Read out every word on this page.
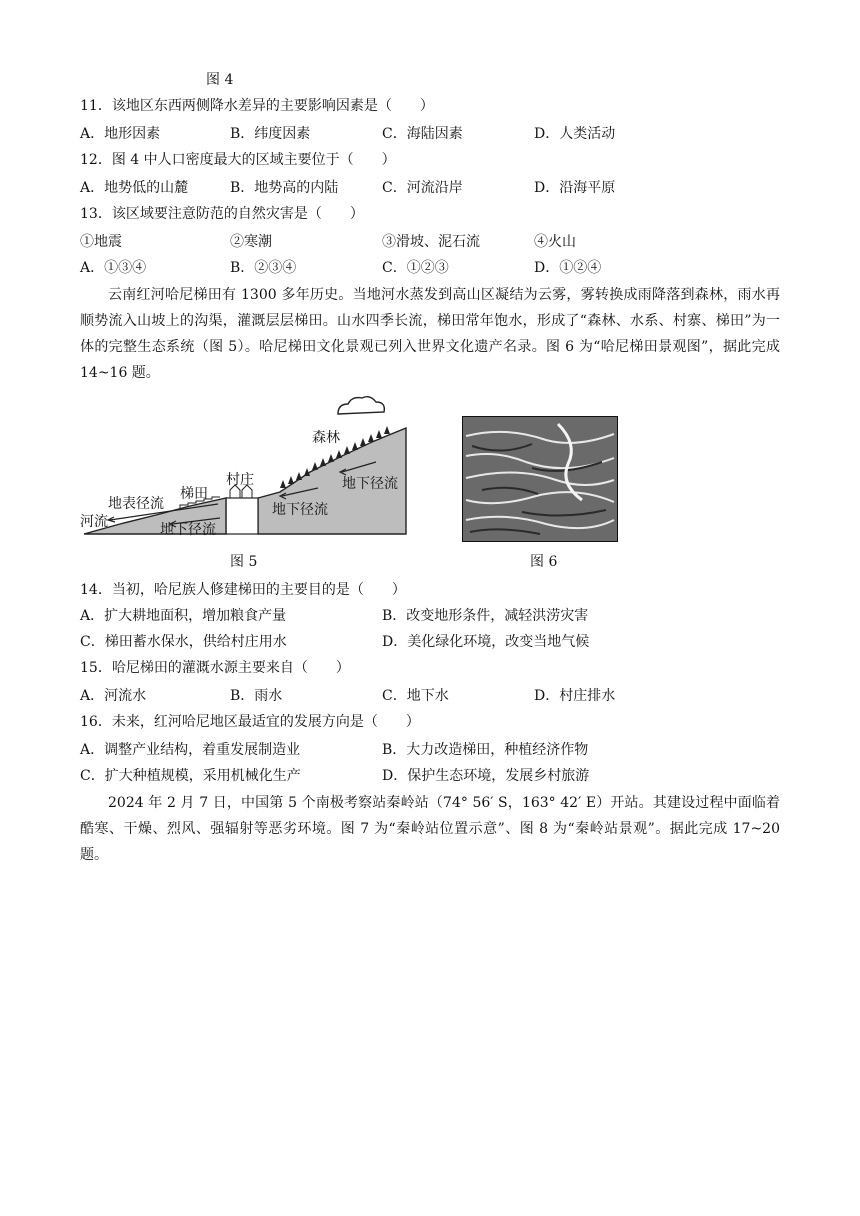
图 4
11．该地区东西两侧降水差异的主要影响因素是（　　）
A．地形因素	B．纬度因素	C．海陆因素	D．人类活动
12．图 4 中人口密度最大的区域主要位于（　　）
A．地势低的山麓	B．地势高的内陆	C．河流沿岸	D．沿海平原
13．该区域要注意防范的自然灾害是（　　）
①地震	②寒潮	③滑坡、泥石流	④火山
A．①③④	B．②③④	C．①②③	D．①②④
云南红河哈尼梯田有 1300 多年历史。当地河水蒸发到高山区凝结为云雾，雾转换成雨降落到森林，雨水再顺势流入山坡上的沟渠，灌溉层层梯田。山水四季长流，梯田常年饱水，形成了“森林、水系、村寨、梯田”为一体的完整生态系统（图 5）。哈尼梯田文化景观已列入世界文化遗产名录。图 6 为“哈尼梯田景观图”，据此完成 14~16 题。
森林
村庄
梯田
地表径流
河流
地下径流
地下径流
地下径流
图 5	图 6
14．当初，哈尼族人修建梯田的主要目的是（　　）
A．扩大耕地面积，增加粮食产量	B．改变地形条件，减轻洪涝灾害
C．梯田蓄水保水，供给村庄用水	D．美化绿化环境，改变当地气候
15．哈尼梯田的灌溉水源主要来自（　　）
A．河流水	B．雨水	C．地下水	D．村庄排水
16．未来，红河哈尼地区最适宜的发展方向是（　　）
A．调整产业结构，着重发展制造业	B．大力改造梯田，种植经济作物
C．扩大种植规模，采用机械化生产	D．保护生态环境，发展乡村旅游
2024 年 2 月 7 日，中国第 5 个南极考察站秦岭站（74° 56′ S，163° 42′ E）开站。其建设过程中面临着酷寒、干燥、烈风、强辐射等恶劣环境。图 7 为“秦岭站位置示意”、图 8 为“秦岭站景观”。据此完成 17~20 题。
